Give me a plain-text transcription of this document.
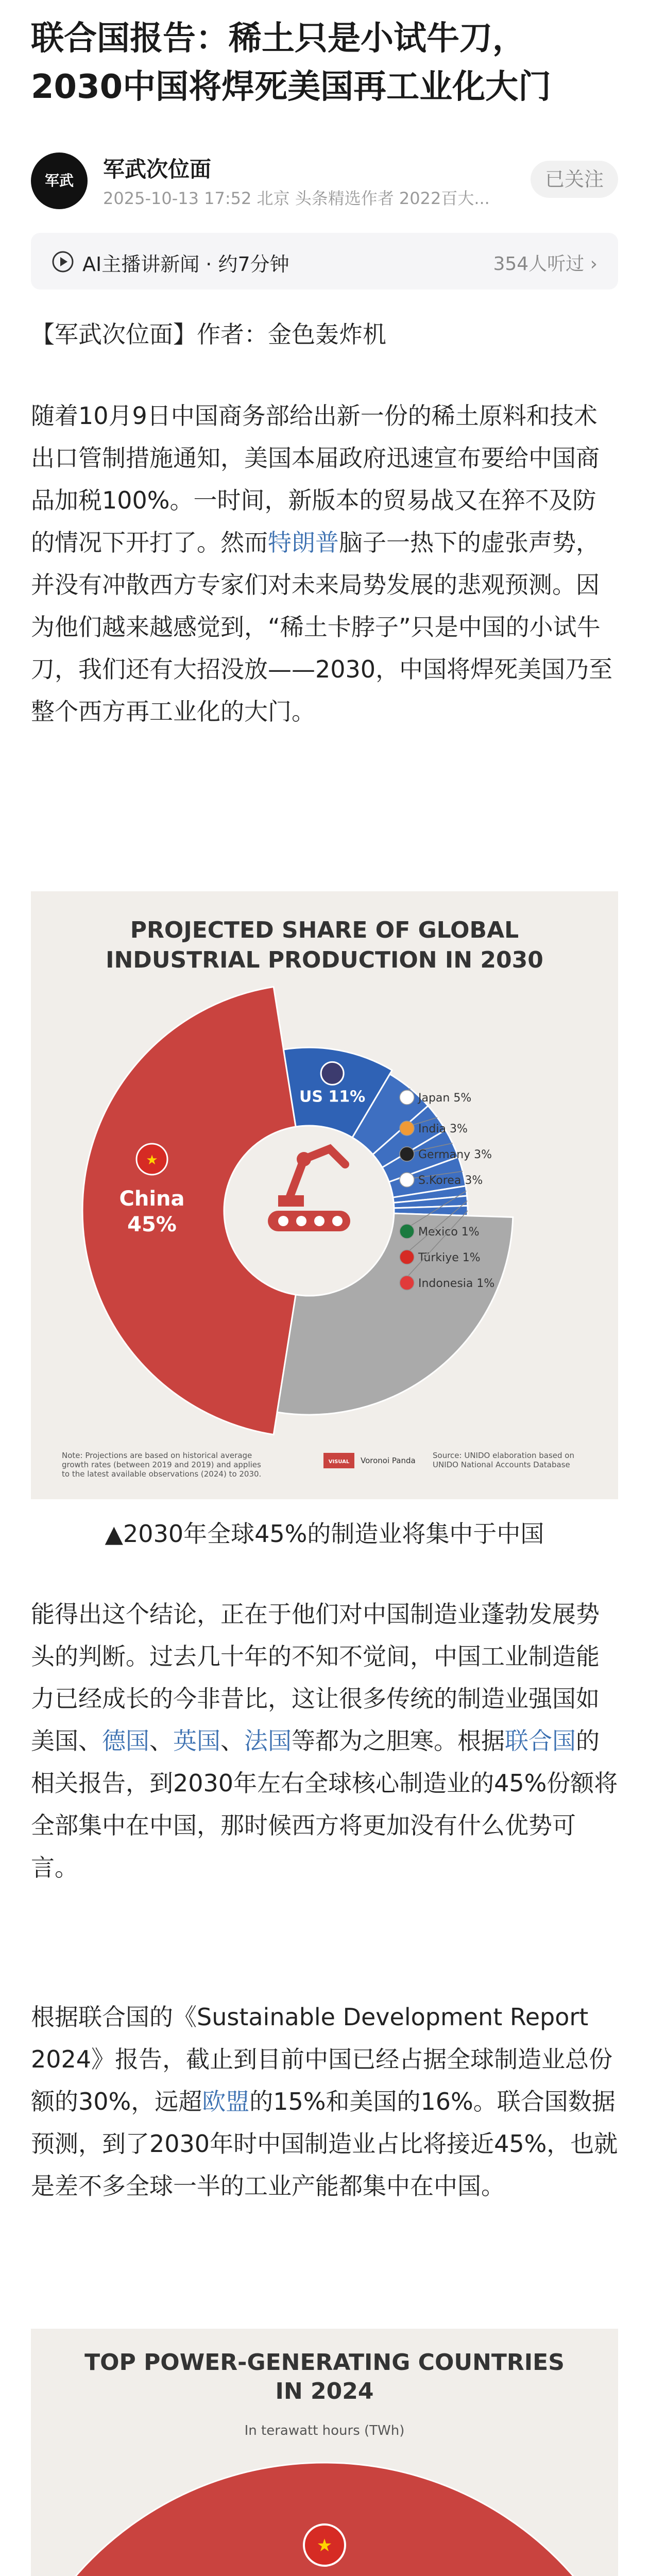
联合国报告：稀土只是小试牛刀，
2030中国将焊死美国再工业化大门
军武	军武次位面
2025-10-13 17:52 北京 头条精选作者 2022百大...
已关注
AI主播讲新闻 · 约7分钟	354人听过 ›

【军武次位面】作者：金色轰炸机

随着10月9日中国商务部给出新一份的稀土原料和技术出口管制措施通知，美国本届政府迅速宣布要给中国商品加税100%。一时间，新版本的贸易战又在猝不及防的情况下开打了。然而特朗普脑子一热下的虚张声势，并没有冲散西方专家们对未来局势发展的悲观预测。因为他们越来越感觉到，“稀土卡脖子”只是中国的小试牛刀，我们还有大招没放——2030，中国将焊死美国乃至整个西方再工业化的大门。

PROJECTED SHARE OF GLOBAL
INDUSTRIAL PRODUCTION IN 2030
★
China
45%
US 11%	Japan 5%
India 3%
Germany 3%
S.Korea 3%
Mexico 1%
Türkiye 1%
Indonesia 1%
Note: Projections are based on historical average growth rates (between 2019 and 2019) and applies to the latest available observations (2024) to 2030.
VISUAL Voronoi Panda
Source: UNIDO elaboration based on UNIDO National Accounts Database

▲2030年全球45%的制造业将集中于中国

能得出这个结论，正在于他们对中国制造业蓬勃发展势头的判断。过去几十年的不知不觉间，中国工业制造能力已经成长的今非昔比，这让很多传统的制造业强国如美国、德国、英国、法国等都为之胆寒。根据联合国的相关报告，到2030年左右全球核心制造业的45%份额将全部集中在中国，那时候西方将更加没有什么优势可言。

根据联合国的《Sustainable Development Report 2024》报告，截止到目前中国已经占据全球制造业总份额的30%，远超欧盟的15%和美国的16%。联合国数据预测，到了2030年时中国制造业占比将接近45%，也就是差不多全球一半的工业产能都集中在中国。

TOP POWER-GENERATING COUNTRIES
IN 2024
In terawatt hours (TWh)
★
